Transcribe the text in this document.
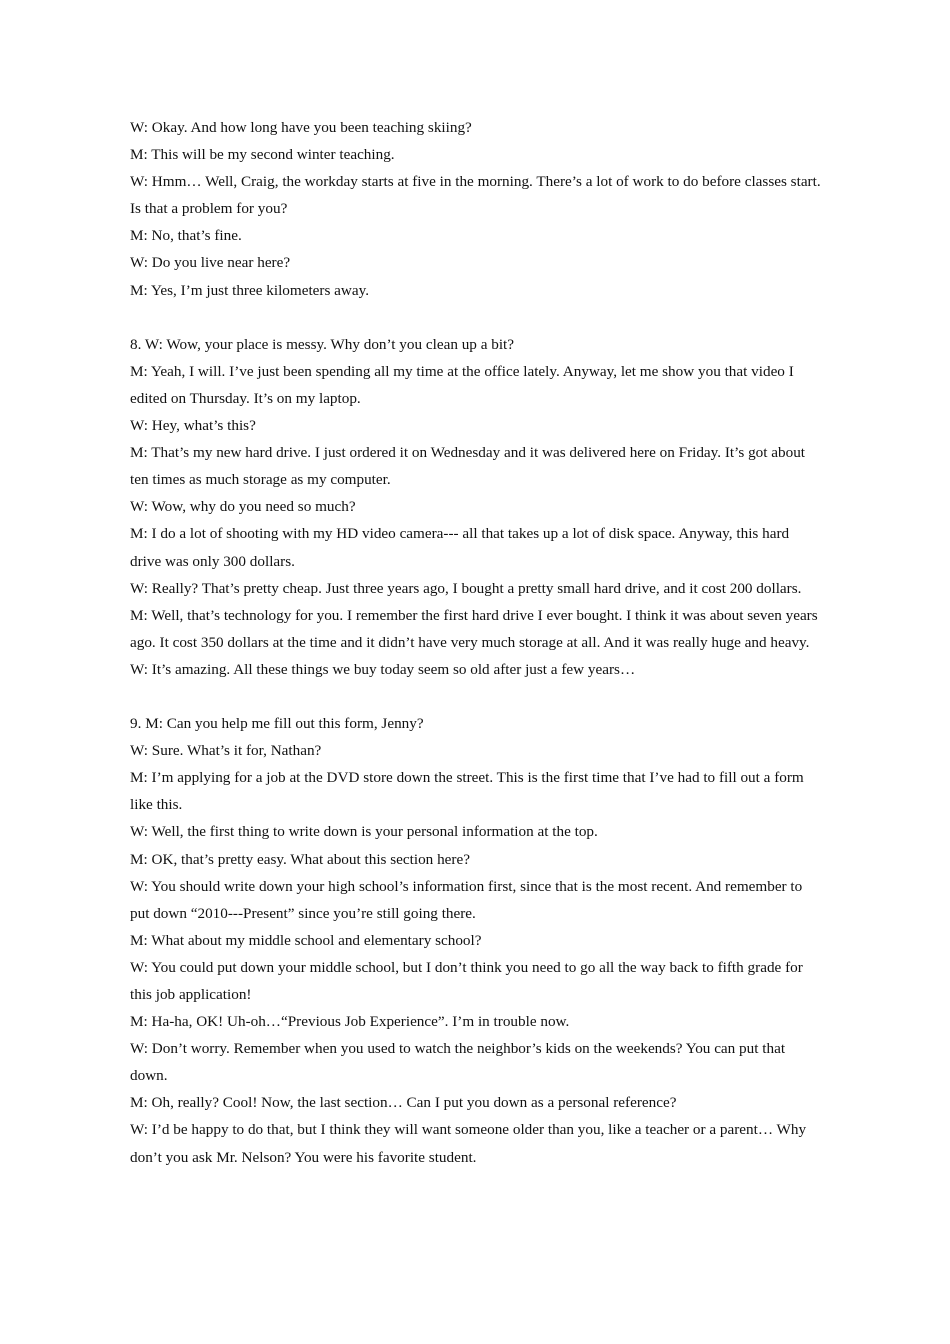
W: Okay. And how long have you been teaching skiing?

M: This will be my second winter teaching.

W: Hmm… Well, Craig, the workday starts at five in the morning. There’s a lot of work to do before classes start. Is that a problem for you?

M: No, that’s fine.

W: Do you live near here?

M: Yes, I’m just three kilometers away.

8. W: Wow, your place is messy. Why don’t you clean up a bit?

M: Yeah, I will. I’ve just been spending all my time at the office lately. Anyway, let me show you that video I edited on Thursday. It’s on my laptop.

W: Hey, what’s this?

M: That’s my new hard drive. I just ordered it on Wednesday and it was delivered here on Friday. It’s got about ten times as much storage as my computer.

W: Wow, why do you need so much?

M: I do a lot of shooting with my HD video camera--- all that takes up a lot of disk space. Anyway, this hard drive was only 300 dollars.

W: Really? That’s pretty cheap. Just three years ago, I bought a pretty small hard drive, and it cost 200 dollars.

M: Well, that’s technology for you. I remember the first hard drive I ever bought. I think it was about seven years ago. It cost 350 dollars at the time and it didn’t have very much storage at all. And it was really huge and heavy.

W: It’s amazing. All these things we buy today seem so old after just a few years…

9. M: Can you help me fill out this form, Jenny?

W: Sure. What’s it for, Nathan?

M: I’m applying for a job at the DVD store down the street. This is the first time that I’ve had to fill out a form like this.

W: Well, the first thing to write down is your personal information at the top.

M: OK, that’s pretty easy. What about this section here?

W: You should write down your high school’s information first, since that is the most recent. And remember to put down “2010---Present” since you’re still going there.

M: What about my middle school and elementary school?

W: You could put down your middle school, but I don’t think you need to go all the way back to fifth grade for this job application!

M: Ha-ha, OK! Uh-oh…“Previous Job Experience”. I’m in trouble now.

W: Don’t worry. Remember when you used to watch the neighbor’s kids on the weekends? You can put that down.

M: Oh, really? Cool! Now, the last section… Can I put you down as a personal reference?

W: I’d be happy to do that, but I think they will want someone older than you, like a teacher or a parent… Why don’t you ask Mr. Nelson? You were his favorite student.
